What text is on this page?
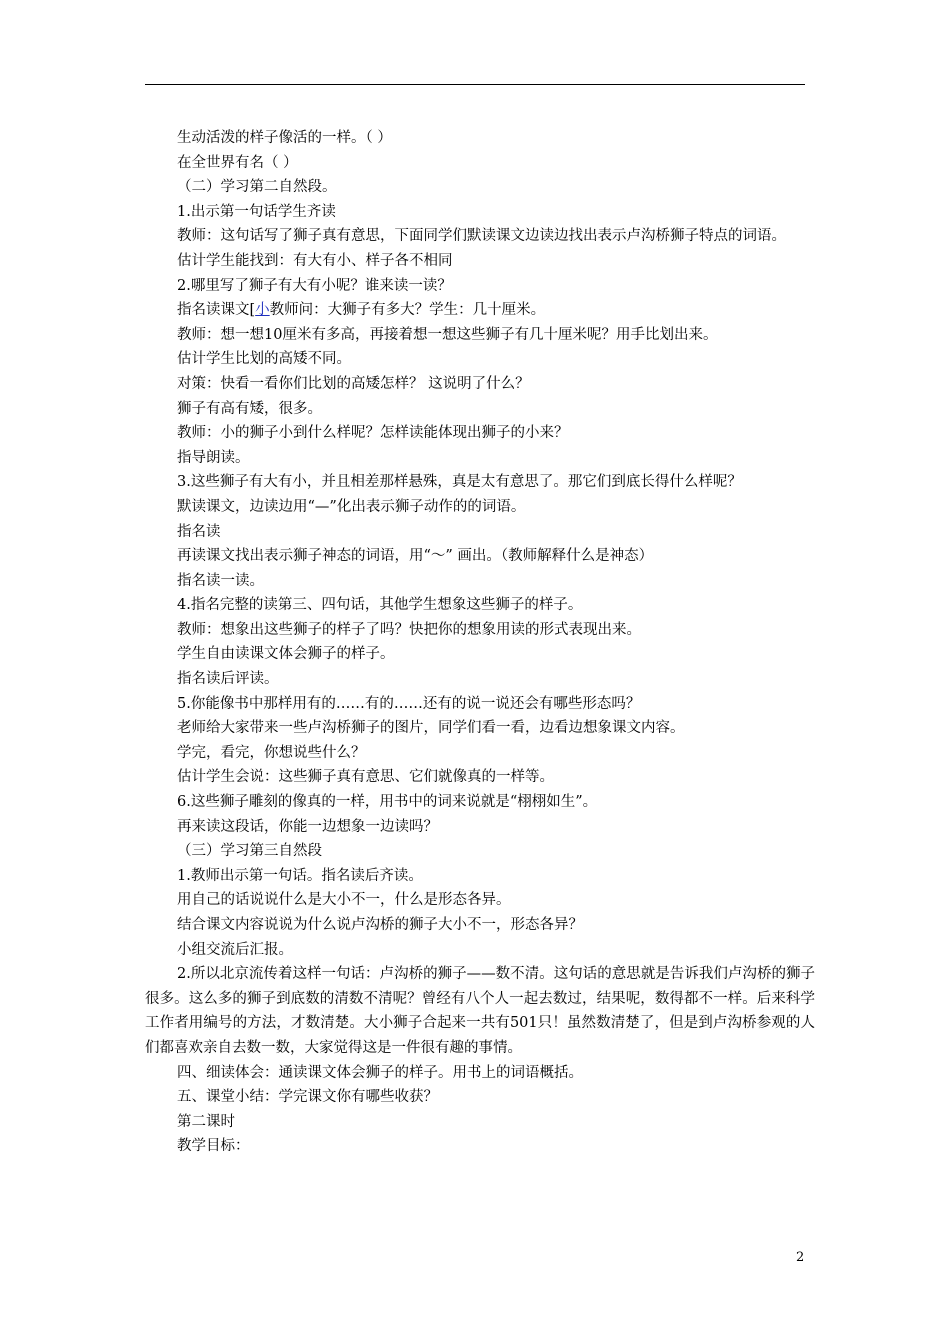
生动活泼的样子像活的一样。（ ）

在全世界有名（ ）

（二）学习第二自然段。

1.出示第一句话学生齐读

教师：这句话写了狮子真有意思，下面同学们默读课文边读边找出表示卢沟桥狮子特点的词语。

估计学生能找到：有大有小、样子各不相同

2.哪里写了狮子有大有小呢？谁来读一读？

指名读课文[小教师问：大狮子有多大？学生：几十厘米。

教师：想一想10厘米有多高，再接着想一想这些狮子有几十厘米呢？用手比划出来。

估计学生比划的高矮不同。

对策：快看一看你们比划的高矮怎样？ 这说明了什么？

狮子有高有矮，很多。

教师：小的狮子小到什么样呢？怎样读能体现出狮子的小来？

指导朗读。

3.这些狮子有大有小，并且相差那样悬殊，真是太有意思了。那它们到底长得什么样呢？

默读课文，边读边用“—”化出表示狮子动作的的词语。

指名读

再读课文找出表示狮子神态的词语，用“～” 画出。（教师解释什么是神态）

指名读一读。

4.指名完整的读第三、四句话，其他学生想象这些狮子的样子。

教师：想象出这些狮子的样子了吗？快把你的想象用读的形式表现出来。

学生自由读课文体会狮子的样子。

指名读后评读。

5.你能像书中那样用有的……有的……还有的说一说还会有哪些形态吗？

老师给大家带来一些卢沟桥狮子的图片，同学们看一看，边看边想象课文内容。

学完，看完，你想说些什么？

估计学生会说：这些狮子真有意思、它们就像真的一样等。

6.这些狮子雕刻的像真的一样，用书中的词来说就是“栩栩如生”。

再来读这段话，你能一边想象一边读吗？

（三）学习第三自然段

1.教师出示第一句话。指名读后齐读。

用自己的话说说什么是大小不一，什么是形态各异。

结合课文内容说说为什么说卢沟桥的狮子大小不一，形态各异？

小组交流后汇报。

2.所以北京流传着这样一句话：卢沟桥的狮子——数不清。这句话的意思就是告诉我们卢沟桥的狮子很多。这么多的狮子到底数的清数不清呢？曾经有八个人一起去数过，结果呢，数得都不一样。后来科学工作者用编号的方法，才数清楚。大小狮子合起来一共有501只！虽然数清楚了，但是到卢沟桥参观的人们都喜欢亲自去数一数，大家觉得这是一件很有趣的事情。

四、细读体会：通读课文体会狮子的样子。用书上的词语概括。

五、课堂小结：学完课文你有哪些收获？

第二课时

教学目标：

2
